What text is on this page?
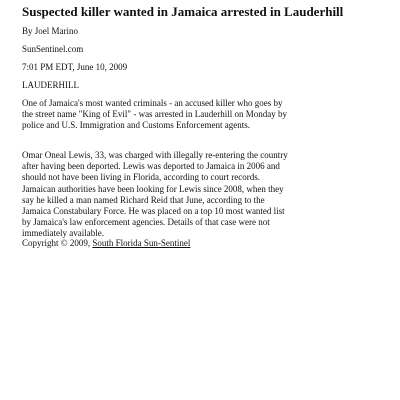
Suspected killer wanted in Jamaica arrested in Lauderhill
By Joel Marino
SunSentinel.com
7:01 PM EDT, June 10, 2009
LAUDERHILL

One of Jamaica's most wanted criminals - an accused killer who goes by the street name "King of Evil" - was arrested in Lauderhill on Monday by police and U.S. Immigration and Customs Enforcement agents.

Omar Oneal Lewis, 33, was charged with illegally re-entering the country after having been deported. Lewis was deported to Jamaica in 2006 and should not have been living in Florida, according to court records.

Jamaican authorities have been looking for Lewis since 2008, when they say he killed a man named Richard Reid that June, according to the Jamaica Constabulary Force. He was placed on a top 10 most wanted list by Jamaica's law enforcement agencies. Details of that case were not immediately available.

Copyright © 2009, South Florida Sun-Sentinel
